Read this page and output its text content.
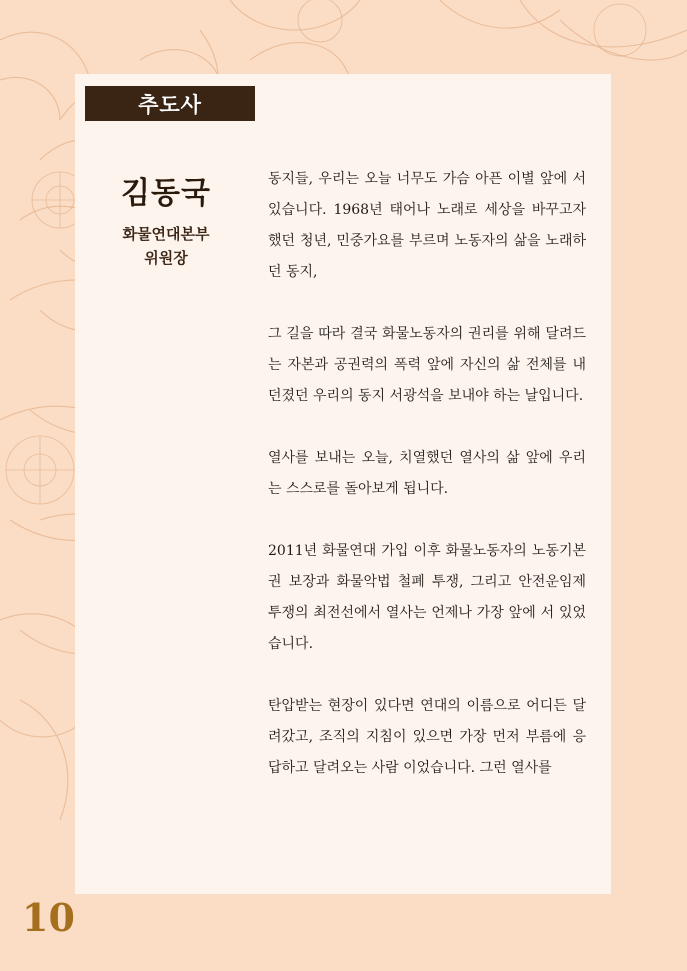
추도사
김동국
화물연대본부
위원장

동지들, 우리는 오늘 너무도 가슴 아픈 이별 앞에 서 있습니다. 1968년 태어나 노래로 세상을 바꾸고자 했던 청년, 민중가요를 부르며 노동자의 삶을 노래하던 동지,

그 길을 따라 결국 화물노동자의 권리를 위해 달려드는 자본과 공권력의 폭력 앞에 자신의 삶 전체를 내던졌던 우리의 동지 서광석을 보내야 하는 날입니다.

열사를 보내는 오늘, 치열했던 열사의 삶 앞에 우리는 스스로를 돌아보게 됩니다.

2011년 화물연대 가입 이후 화물노동자의 노동기본권 보장과 화물악법 철폐 투쟁, 그리고 안전운임제 투쟁의 최전선에서 열사는 언제나 가장 앞에 서 있었습니다.

탄압받는 현장이 있다면 연대의 이름으로 어디든 달려갔고, 조직의 지침이 있으면 가장 먼저 부름에 응답하고 달려오는 사람 이었습니다. 그런 열사를

10
